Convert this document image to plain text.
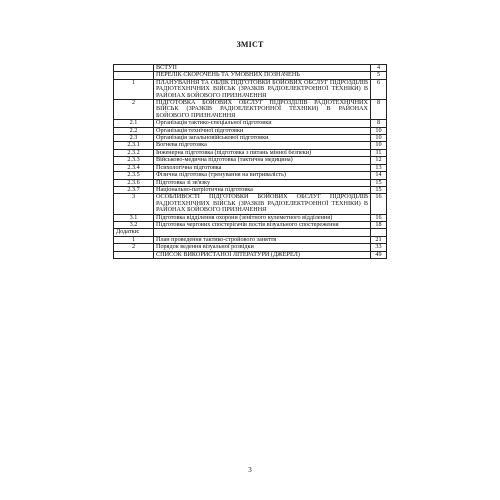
ЗМІСТ
	ВСТУП	4
	ПЕРЕЛІК СКОРОЧЕНЬ ТА УМОВНИХ ПОЗНАЧЕНЬ	5
1	ПЛАНУВАННЯ ТА ОБЛІК ПІДГОТОВКИ БОЙОВИХ ОБСЛУГ ПІДРОЗДІЛІВ РАДІОТЕХНІЧНИХ ВІЙСЬК (ЗРАЗКІВ РАДІОЕЛЕКТРОННОЇ ТЕХНІКИ) В РАЙОНАХ БОЙОВОГО ПРИЗНАЧЕННЯ	6
2	ПІДГОТОВКА БОЙОВИХ ОБСЛУГ ПІДРОЗДІЛІВ РАДІОТЕХНІЧНИХ ВІЙСЬК (ЗРАЗКІВ РАДІОЕЛЕКТРОННОЇ ТЕХНІКИ) В РАЙОНАХ БОЙОВОГО ПРИЗНАЧЕННЯ	8
2.1	Організація тактико-спеціальної підготовки	8
2.2	Організація технічної підготовки	10
2.3	Організація загальновійськової підготовки	10
2.3.1	Вогнева підготовка	10
2.3.2	Інженерна підготовка (підготовка з питань мінної безпеки)	11
2.3.3	Військово-медична підготовка (тактична медицина)	12
2.3.4	Психологічна підготовка	13
2.3.5	Фізична підготовка (тренування на витривалість)	14
2.3.6	Підготовка зі зв'язку	15
2.3.7	Національно-патріотична підготовка	15
3	ОСОБЛИВОСТІ ПІДГОТОВКИ БОЙОВИХ ОБСЛУГ ПІДРОЗДІЛІВ РАДІОТЕХНІЧНИХ ВІЙСЬК (ЗРАЗКІВ РАДІОЕЛЕКТРОННОЇ ТЕХНІКИ) В РАЙОНАХ БОЙОВОГО ПРИЗНАЧЕННЯ	16
3.1	Підготовка відділення охорони (зенітного кулеметного відділення)	16
3.2	Підготовка чергових спостерігачів постів візуального спостереження	18
Додатки:		
1	План проведення тактико-стройового заняття	21
2	Порядок ведення візуальної розвідки	33
	СПИСОК ВИКОРИСТАНОЇ ЛІТЕРАТУРИ (ДЖЕРЕЛ)	49
3
